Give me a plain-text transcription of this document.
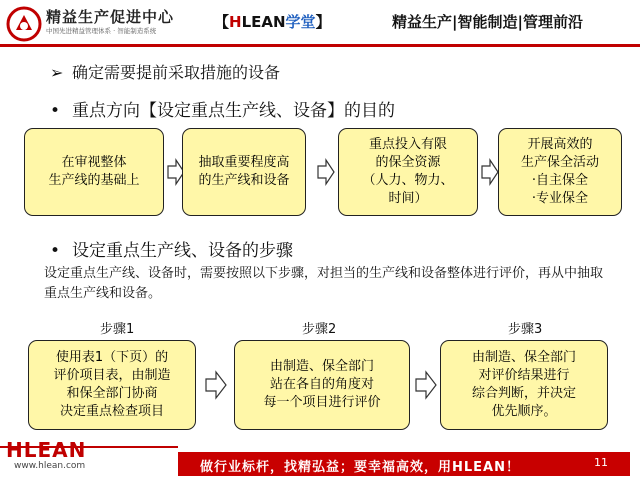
精益生产促进中心
中国先进精益管理体系 · 智能制造系统	【HLEAN学堂】	精益生产|智能制造|管理前沿
➢ 确定需要提前采取措施的设备
• 重点方向【设定重点生产线、设备】的目的
在审视整体
生产线的基础上
抽取重要程度高
的生产线和设备
重点投入有限
的保全资源
（人力、物力、
时间）
开展高效的
生产保全活动
·自主保全
·专业保全
• 设定重点生产线、设备的步骤
设定重点生产线、设备时，需要按照以下步骤，对担当的生产线和设备整体进行评价，再从中抽取重点生产线和设备。
步骤1	步骤2	步骤3
使用表1（下页）的
评价项目表，由制造
和保全部门协商
决定重点检查项目
由制造、保全部门
站在各自的角度对
每一个项目进行评价
由制造、保全部门
对评价结果进行
综合判断，并决定
优先顺序。
HLEAN
www.hlean.com	做行业标杆，找精弘益；要幸福高效，用HLEAN！	11
